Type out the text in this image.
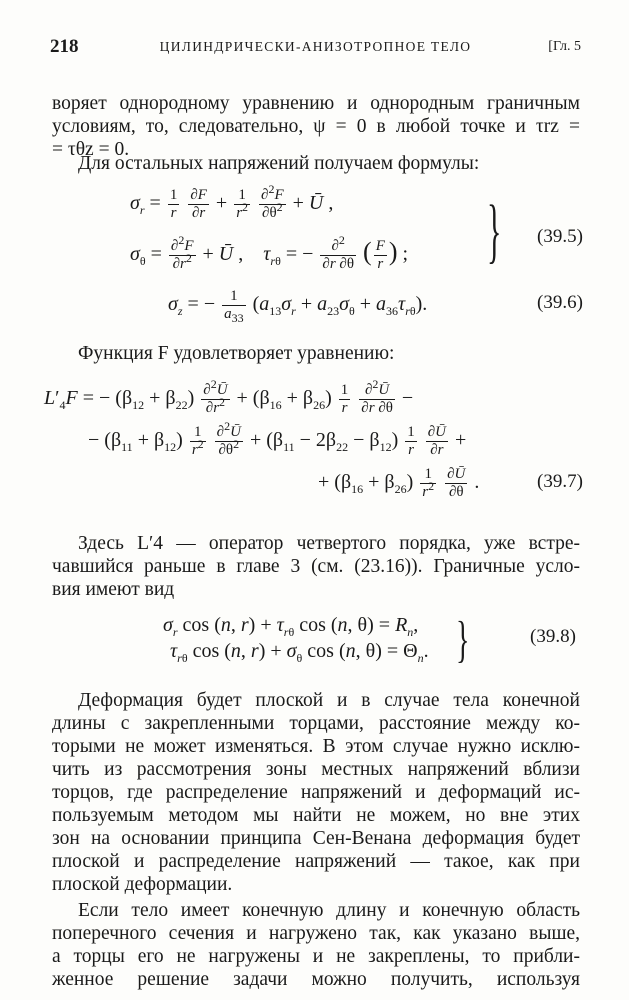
218	ЦИЛИНДРИЧЕСКИ-АНИЗОТРОПНОЕ ТЕЛО	[Гл. 5
воряет однородному уравнению и однородным граничным
условиям, то, следовательно, ψ = 0 в любой точке и τrz =
= τθz = 0.
Для остальных напряжений получаем формулы:
$\sigma_r = \frac{1}{r}$
$\frac{\partial F}{\partial r} + \frac{1}{r^2}$
$\frac{\partial^2F}{\partial\theta^2}$ + Ū ,
$\sigma_\theta = \frac{\partial^2F}{\partial r^2}$ + Ū ,    $\tau_{r\theta}$ = − $\frac{\partial^2}{\partial r \partial\theta}$ ( $\frac{F}{r}$ ) ;	} (39.5)
$\sigma_z$ = − $\frac{1}{a_{33}} (a_{13}\sigma_r + a_{23}\sigma_\theta + a_{36}\tau_{r\theta})$.	(39.6)
Функция F удовлетворяет уравнению:
$L'_4F$ = − $(\beta_{12} + \beta_{22}) \frac{\partial^2Ū}{\partial r^2} + (\beta_{16} + \beta_{26}) \frac{1}{r}$
$\frac{\partial^2Ū}{\partial r \partial\theta}$ −
− $(\beta_{11} + \beta_{12}) \frac{1}{r^2}$
$\frac{\partial^2Ū}{\partial\theta^2} + (\beta_{11} - 2\beta_{22} - \beta_{12}) \frac{1}{r}$
$\frac{\partial Ū}{\partial r}$ +
+ $(\beta_{16} + \beta_{26}) \frac{1}{r^2}$
$\frac{\partial Ū}{\partial\theta}$ .	(39.7)
Здесь L′4 — оператор четвертого порядка, уже встре-
чавшийся раньше в главе 3 (см. (23.16)). Граничные усло-
вия имеют вид
$\sigma_r$ cos (n, $r) + \tau_{r\theta}$ cos (n, $\theta) = R_n$,
$\tau_{r\theta}$ cos (n, $r) + \sigma_\theta$ cos (n, $\theta) = \Theta_n$. }	(39.8)
Деформация будет плоской и в случае тела конечной
длины с закрепленными торцами, расстояние между ко-
торыми не может изменяться. В этом случае нужно исклю-
чить из рассмотрения зоны местных напряжений вблизи
торцов, где распределение напряжений и деформаций ис-
пользуемым методом мы найти не можем, но вне этих
зон на основании принципа Сен-Венана деформация будет
плоской и распределение напряжений — такое, как при
плоской деформации.
Если тело имеет конечную длину и конечную область
поперечного сечения и нагружено так, как указано выше,
а торцы его не нагружены и не закреплены, то прибли-
женное решение задачи можно получить, используя
